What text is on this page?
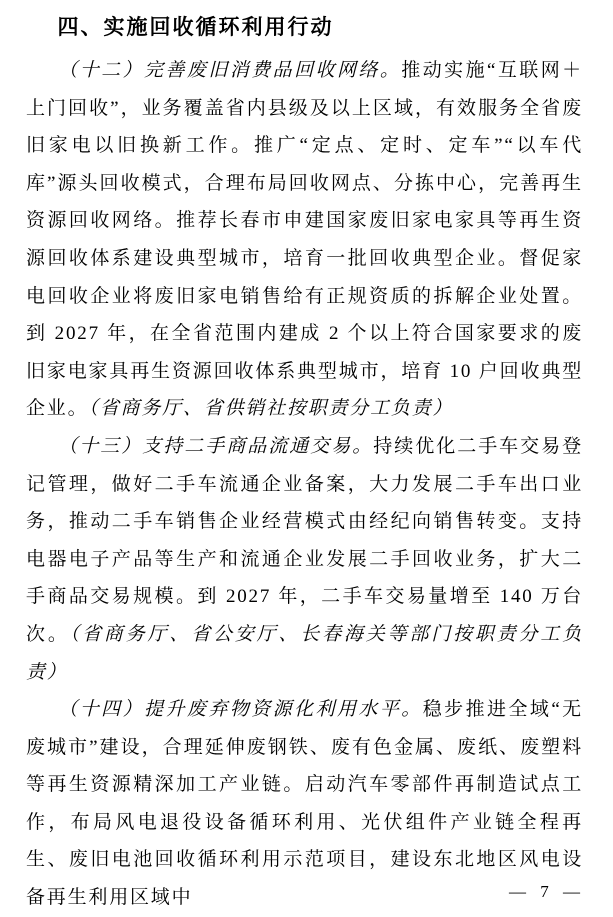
四、实施回收循环利用行动

（十二）完善废旧消费品回收网络。推动实施“互联网＋上门回收”，业务覆盖省内县级及以上区域，有效服务全省废旧家电以旧换新工作。推广“定点、定时、定车”“以车代库”源头回收模式，合理布局回收网点、分拣中心，完善再生资源回收网络。推荐长春市申建国家废旧家电家具等再生资源回收体系建设典型城市，培育一批回收典型企业。督促家电回收企业将废旧家电销售给有正规资质的拆解企业处置。到 2027 年，在全省范围内建成 2 个以上符合国家要求的废旧家电家具再生资源回收体系典型城市，培育 10 户回收典型企业。（省商务厅、省供销社按职责分工负责）

（十三）支持二手商品流通交易。持续优化二手车交易登记管理，做好二手车流通企业备案，大力发展二手车出口业务，推动二手车销售企业经营模式由经纪向销售转变。支持电器电子产品等生产和流通企业发展二手回收业务，扩大二手商品交易规模。到 2027 年，二手车交易量增至 140 万台次。（省商务厅、省公安厅、长春海关等部门按职责分工负责）

（十四）提升废弃物资源化利用水平。稳步推进全域“无废城市”建设，合理延伸废钢铁、废有色金属、废纸、废塑料等再生资源精深加工产业链。启动汽车零部件再制造试点工作，布局风电退役设备循环利用、光伏组件产业链全程再生、废旧电池回收循环利用示范项目，建设东北地区风电设备再生利用区域中	— 7 —
